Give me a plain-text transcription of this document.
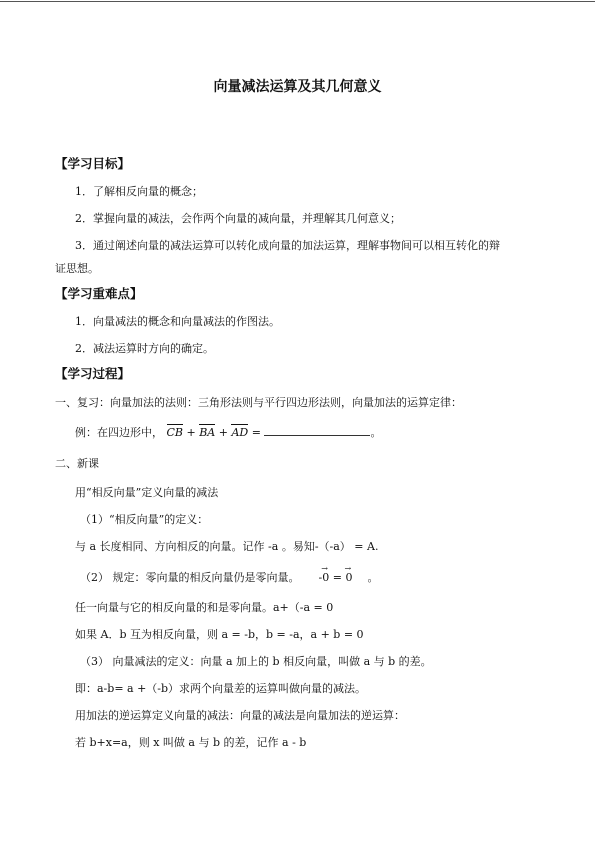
向量减法运算及其几何意义
【学习目标】
1．了解相反向量的概念；
2．掌握向量的减法，会作两个向量的减向量，并理解其几何意义；
3．通过阐述向量的减法运算可以转化成向量的加法运算，理解事物间可以相互转化的辩
证思想。
【学习重难点】
1．向量减法的概念和向量减法的作图法。
2．减法运算时方向的确定。
【学习过程】
一、复习：向量加法的法则：三角形法则与平行四边形法则，向量加法的运算定律：
例：在四边形中， CB + BA + AD =	。
二、新课
用“相反向量”定义向量的减法
（1）“相反向量”的定义：
与 a 长度相同、方向相反的向量。记作 -a 。易知-（-a） = A.
（2） 规定：零向量的相反向量仍是零向量。 -→ 0 = → 0 。
任一向量与它的相反向量的和是零向量。a+（-a = 0
如果 A．b 互为相反向量，则 a = -b，b = -a，a + b = 0
（3） 向量减法的定义：向量 a 加上的 b 相反向量，叫做 a 与 b 的差。
即：a-b= a +（-b）求两个向量差的运算叫做向量的减法。
用加法的逆运算定义向量的减法：向量的减法是向量加法的逆运算：
若 b+x=a，则 x 叫做 a 与 b 的差，记作 a - b
